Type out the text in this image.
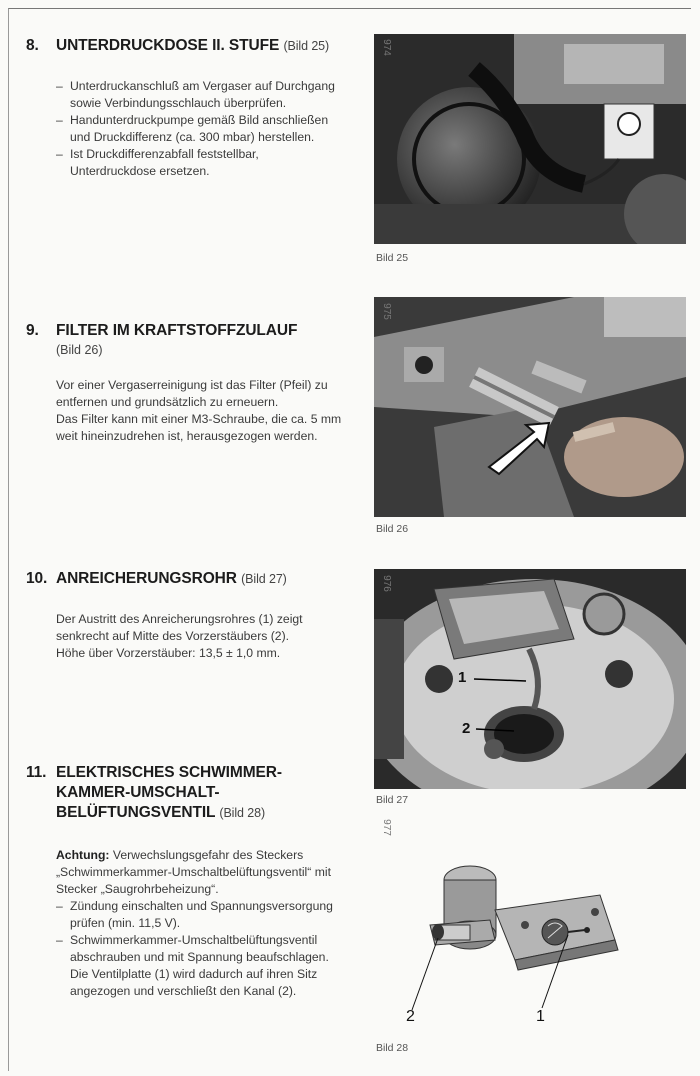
8.	UNTERDRUCKDOSE II. STUFE (Bild 25)
– Unterdruckanschluß am Vergaser auf Durchgang sowie Verbindungsschlauch überprüfen.
– Handunterdruckpumpe gemäß Bild anschließen und Druckdifferenz (ca. 300 mbar) herstellen.
– Ist Druckdifferenzabfall feststellbar, Unterdruckdose ersetzen.
9.	FILTER IM KRAFTSTOFFZULAUF
(Bild 26)

Vor einer Vergaserreinigung ist das Filter (Pfeil) zu entfernen und grundsätzlich zu erneuern.

Das Filter kann mit einer M3-Schraube, die ca. 5 mm weit hineinzudrehen ist, herausgezogen werden.

10. ANREICHERUNGSROHR (Bild 27)

Der Austritt des Anreicherungsrohres (1) zeigt senkrecht auf Mitte des Vorzerstäubers (2).

Höhe über Vorzerstäuber: 13,5 ± 1,0 mm.

11. ELEKTRISCHES SCHWIMMER-
KAMMER-UMSCHALT-
BELÜFTUNGSVENTIL (Bild 28)

Achtung: Verwechslungsgefahr des Steckers „Schwimmerkammer-Umschaltbelüftungsventil“ mit Stecker „Saugrohrbeheizung“.

– Zündung einschalten und Spannungsversorgung prüfen (min. 11,5 V).
– Schwimmerkammer-Umschaltbelüftungsventil abschrauben und mit Spannung beaufschlagen.

Die Ventilplatte (1) wird dadurch auf ihren Sitz angezogen und verschließt den Kanal (2).

974
Bild 25
975
Bild 26
1
2
976
Bild 27
2	1
977
Bild 28
